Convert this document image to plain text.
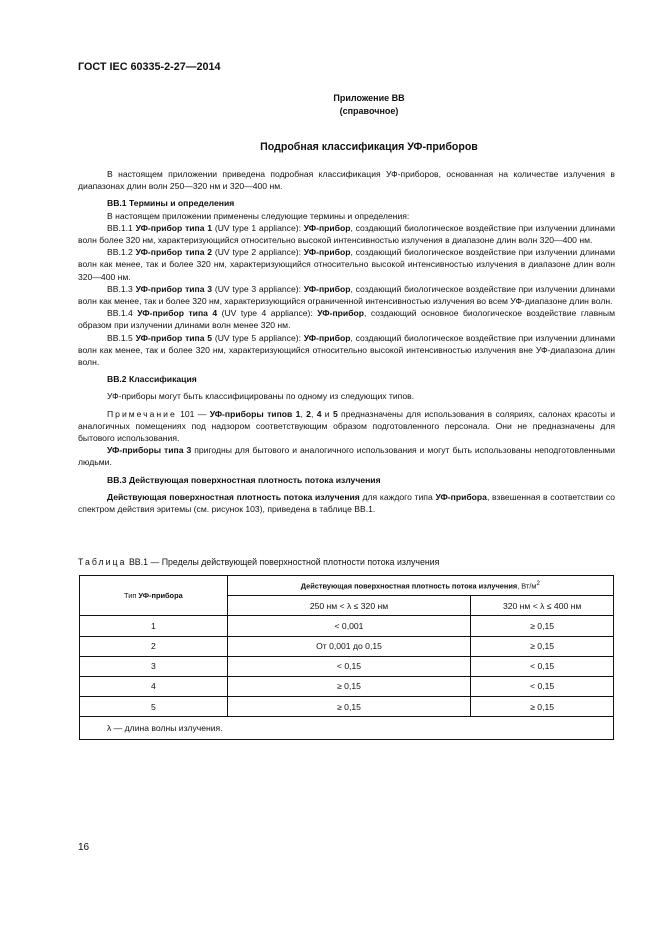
ГОСТ IEC 60335-2-27—2014
Приложение ВВ
(справочное)
Подробная классификация УФ-приборов

В настоящем приложении приведена подробная классификация УФ-приборов, основанная на количестве излучения в диапазонах длин волн 250—320 нм и 320—400 нм.

ВВ.1 Термины и определения

В настоящем приложении применены следующие термины и определения:

ВВ.1.1 УФ-прибор типа 1 (UV type 1 appliance): УФ-прибор, создающий биологическое воздействие при излучении длинами волн более 320 нм, характеризующийся относительно высокой интенсивностью излучения в диапазоне длин волн 320—400 нм.

ВВ.1.2 УФ-прибор типа 2 (UV type 2 appliance): УФ-прибор, создающий биологическое воздействие при излучении длинами волн как менее, так и более 320 нм, характеризующийся относительно высокой интенсивностью излучения в диапазоне длин волн 320—400 нм.

ВВ.1.3 УФ-прибор типа 3 (UV type 3 appliance): УФ-прибор, создающий биологическое воздействие при излучении длинами волн как менее, так и более 320 нм, характеризующийся ограниченной интенсивностью излучения во всем УФ-диапазоне длин волн.

ВВ.1.4 УФ-прибор типа 4 (UV type 4 appliance): УФ-прибор, создающий основное биологическое воздействие главным образом при излучении длинами волн менее 320 нм.

ВВ.1.5 УФ-прибор типа 5 (UV type 5 appliance): УФ-прибор, создающий биологическое воздействие при излучении длинами волн как менее, так и более 320 нм, характеризующийся относительно высокой интенсивностью излучения вне УФ-диапазона длин волн.

ВВ.2 Классификация

УФ-приборы могут быть классифицированы по одному из следующих типов.

Примечание 101 — УФ-приборы типов 1, 2, 4 и 5 предназначены для использования в соляриях, салонах красоты и аналогичных помещениях под надзором соответствующим образом подготовленного персонала. Они не предназначены для бытового использования.

УФ-приборы типа 3 пригодны для бытового и аналогичного использования и могут быть использованы неподготовленными людьми.

ВВ.3 Действующая поверхностная плотность потока излучения

Действующая поверхностная плотность потока излучения для каждого типа УФ-прибора, взвешенная в соответствии со спектром действия эритемы (см. рисунок 103), приведена в таблице ВВ.1.

Таблица ВВ.1 — Пределы действующей поверхностной плотности потока излучения
Тип УФ-прибора	Действующая поверхностная плотность потока излучения, $Вт/м^2$
	250 нм < λ ≤ 320 нм	320 нм < λ ≤ 400 нм
1	< 0,001	≥ 0,15
2	От 0,001 до 0,15	≥ 0,15
3	< 0,15	< 0,15
4	≥ 0,15	< 0,15
5	≥ 0,15	≥ 0,15
λ — длина волны излучения.		
16
